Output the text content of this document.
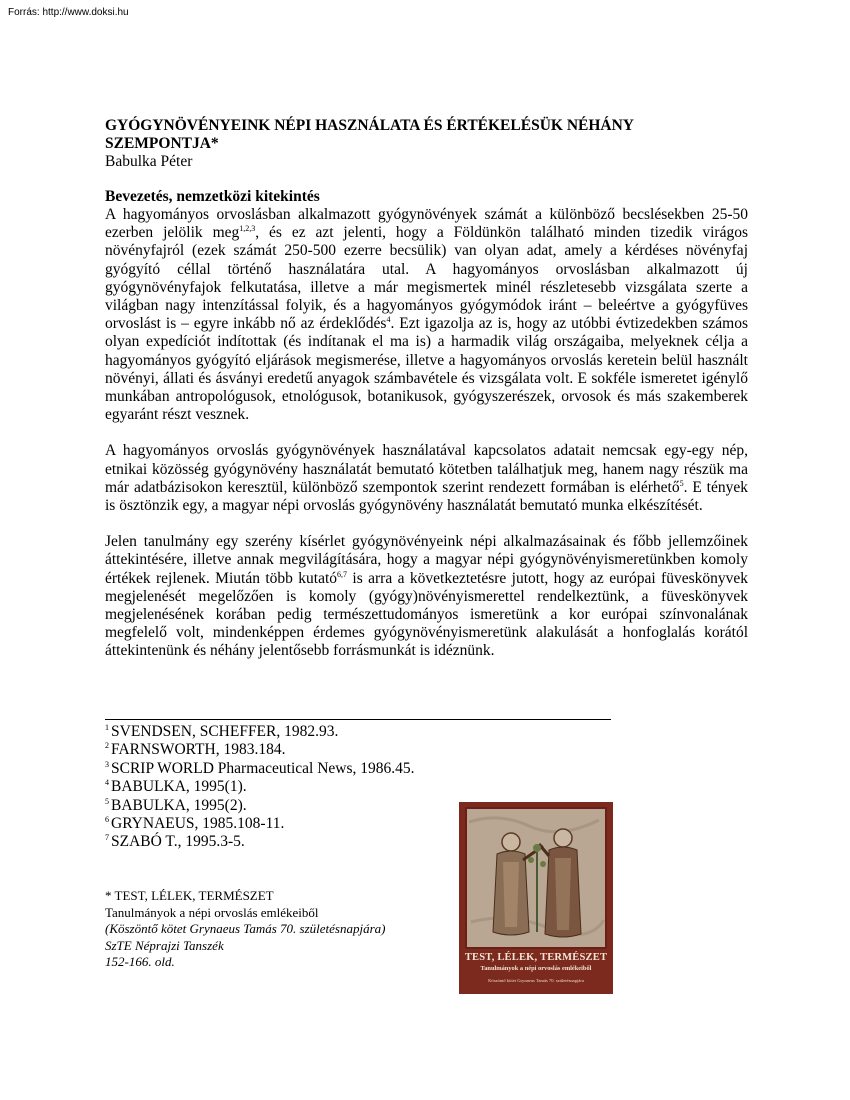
Forrás: http://www.doksi.hu

GYÓGYNÖVÉNYEINK NÉPI HASZNÁLATA ÉS ÉRTÉKELÉSÜK NÉHÁNY SZEMPONTJA*

Babulka Péter

Bevezetés, nemzetközi kitekintés

A hagyományos orvoslásban alkalmazott gyógynövények számát a különböző becslésekben 25-50 ezerben jelölik meg$^{1,2,3}$, és ez azt jelenti, hogy a Földünkön található minden tizedik virágos növényfajról (ezek számát 250-500 ezerre becsülik) van olyan adat, amely a kérdéses növényfaj gyógyító céllal történő használatára utal. A hagyományos orvoslásban alkalmazott új gyógynövényfajok felkutatása, illetve a már megismertek minél részletesebb vizsgálata szerte a világban nagy intenzítással folyik, és a hagyományos gyógymódok iránt – beleértve a gyógyfüves orvoslást is – egyre inkább nő az érdeklődés$^4$. Ezt igazolja az is, hogy az utóbbi évtizedekben számos olyan expedíciót indítottak (és indítanak el ma is) a harmadik világ országaiba, melyeknek célja a hagyományos gyógyító eljárások megismerése, illetve a hagyományos orvoslás keretein belül használt növényi, állati és ásványi eredetű anyagok számbavétele és vizsgálata volt. E sokféle ismeretet igénylő munkában antropológusok, etnológusok, botanikusok, gyógyszerészek, orvosok és más szakemberek egyaránt részt vesznek.

A hagyományos orvoslás gyógynövények használatával kapcsolatos adatait nemcsak egy-egy nép, etnikai közösség gyógynövény használatát bemutató kötetben találhatjuk meg, hanem nagy részük ma már adatbázisokon keresztül, különböző szempontok szerint rendezett formában is elérhető$^5$. E tények is ösztönzik egy, a magyar népi orvoslás gyógynövény használatát bemutató munka elkészítését.

Jelen tanulmány egy szerény kísérlet gyógynövényeink népi alkalmazásainak és főbb jellemzőinek áttekintésére, illetve annak megvilágítására, hogy a magyar népi gyógynövényismeretünkben komoly értékek rejlenek. Miután több kutató$^{6,7}$ is arra a következtetésre jutott, hogy az európai füveskönyvek megjelenését megelőzően is komoly (gyógy)növényismerettel rendelkeztünk, a füveskönyvek megjelenésének korában pedig természettudományos ismeretünk a kor európai színvonalának megfelelő volt, mindenképpen érdemes gyógynövényismeretünk alakulását a honfoglalás korától áttekintenünk és néhány jelentősebb forrásmunkát is idéznünk.

$^1$ SVENDSEN, SCHEFFER, 1982.93.
$^2$ FARNSWORTH, 1983.184.
$^3$ SCRIP WORLD Pharmaceutical News, 1986.45.
$^4$ BABULKA, 1995(1).
$^5$ BABULKA, 1995(2).
$^6$ GRYNAEUS, 1985.108-11.
$^7$ SZABÓ T., 1995.3-5.
* TEST, LÉLEK, TERMÉSZET
Tanulmányok a népi orvoslás emlékeiből
(Köszöntő kötet Grynaeus Tamás 70. születésnapjára)
SzTE Néprajzi Tanszék
152-166. old.	TEST, LÉLEK, TERMÉSZET
Tanulmányok a népi orvoslás emlékeiből
Köszöntő kötet Grynaeus Tamás 70. születésnapjára
